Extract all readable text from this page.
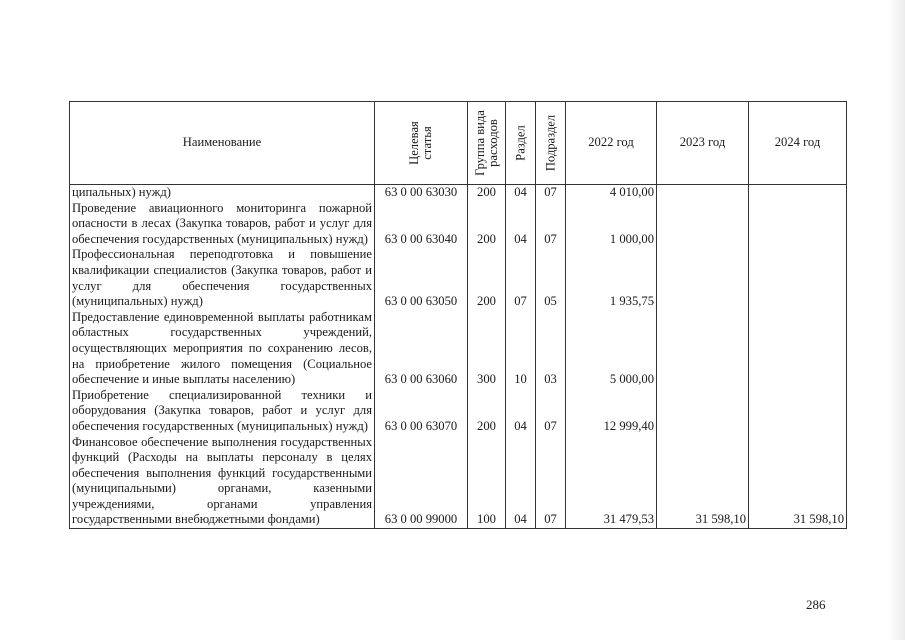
Наименование	Целевая статья	Группа вида расходов	Раздел	Подраздел	2022 год	2023 год	2024 год
ципальных) нужд)	63 0 00 63030	200	04	07	4 010,00		
Проведение авиационного мониторинга пожарной опасности в лесах (Закупка товаров, работ и услуг для обеспечения государственных (муниципальных) нужд)	63 0 00 63040	200	04	07	1 000,00		
Профессиональная переподготовка и повышение квалификации специалистов (Закупка товаров, работ и услуг для обеспечения государственных (муниципальных) нужд)	63 0 00 63050	200	07	05	1 935,75		
Предоставление единовременной выплаты работникам областных государственных учреждений, осуществляющих мероприятия по сохранению лесов, на приобретение жилого помещения (Социальное обеспечение и иные выплаты населению)	63 0 00 63060	300	10	03	5 000,00		
Приобретение специализированной техники и оборудования (Закупка товаров, работ и услуг для обеспечения государственных (муниципальных) нужд)	63 0 00 63070	200	04	07	12 999,40		
Финансовое обеспечение выполнения государственных функций (Расходы на выплаты персоналу в целях обеспечения выполнения функций государственными (муниципальными) органами, казенными учреждениями, органами управления государственными внебюджетными фондами)	63 0 00 99000	100	04	07	31 479,53	31 598,10	31 598,10
286
